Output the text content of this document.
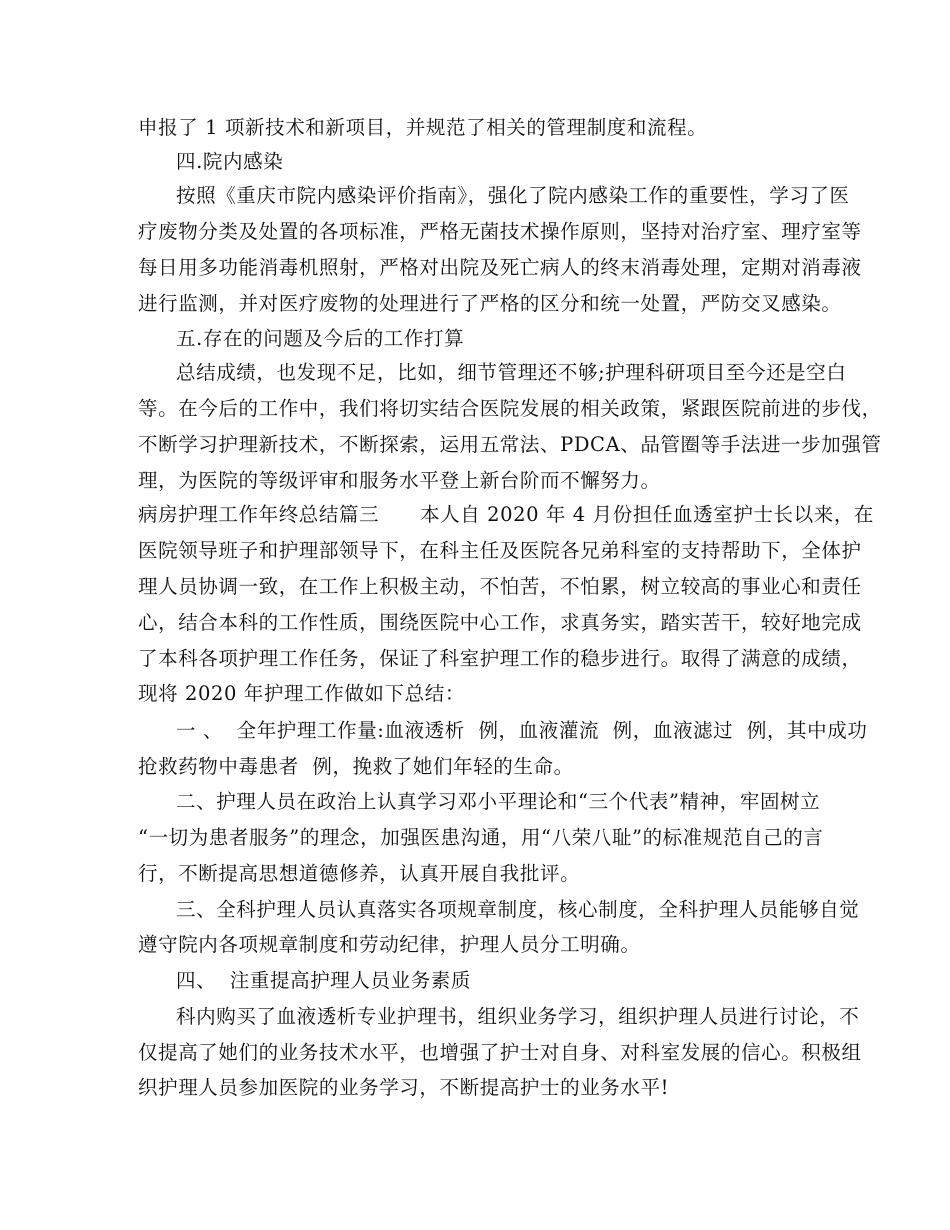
申报了 1 项新技术和新项目，并规范了相关的管理制度和流程。
四.院内感染
按照《重庆市院内感染评价指南》，强化了院内感染工作的重要性，学习了医
疗废物分类及处置的各项标准，严格无菌技术操作原则，坚持对治疗室、理疗室等
每日用多功能消毒机照射，严格对出院及死亡病人的终末消毒处理，定期对消毒液
进行监测，并对医疗废物的处理进行了严格的区分和统一处置，严防交叉感染。
五.存在的问题及今后的工作打算
总结成绩，也发现不足，比如，细节管理还不够;护理科研项目至今还是空白
等。在今后的工作中，我们将切实结合医院发展的相关政策，紧跟医院前进的步伐，
不断学习护理新技术，不断探索，运用五常法、PDCA、品管圈等手法进一步加强管
理，为医院的等级评审和服务水平登上新台阶而不懈努力。
病房护理工作年终总结篇三      本人自 2020 年 4 月份担任血透室护士长以来，在
医院领导班子和护理部领导下，在科主任及医院各兄弟科室的支持帮助下，全体护
理人员协调一致，在工作上积极主动，不怕苦，不怕累，树立较高的事业心和责任
心，结合本科的工作性质，围绕医院中心工作，求真务实，踏实苦干，较好地完成
了本科各项护理工作任务，保证了科室护理工作的稳步进行。取得了满意的成绩，
现将 2020 年护理工作做如下总结：
一 、  全年护理工作量:血液透析  例，血液灌流  例，血液滤过  例，其中成功
抢救药物中毒患者  例，挽救了她们年轻的生命。
二、护理人员在政治上认真学习邓小平理论和“三个代表”精神，牢固树立
“一切为患者服务”的理念，加强医患沟通，用“八荣八耻”的标准规范自己的言
行，不断提高思想道德修养，认真开展自我批评。
三、全科护理人员认真落实各项规章制度，核心制度，全科护理人员能够自觉
遵守院内各项规章制度和劳动纪律，护理人员分工明确。
四、  注重提高护理人员业务素质
科内购买了血液透析专业护理书，组织业务学习，组织护理人员进行讨论，不
仅提高了她们的业务技术水平，也增强了护士对自身、对科室发展的信心。积极组
织护理人员参加医院的业务学习，不断提高护士的业务水平!
